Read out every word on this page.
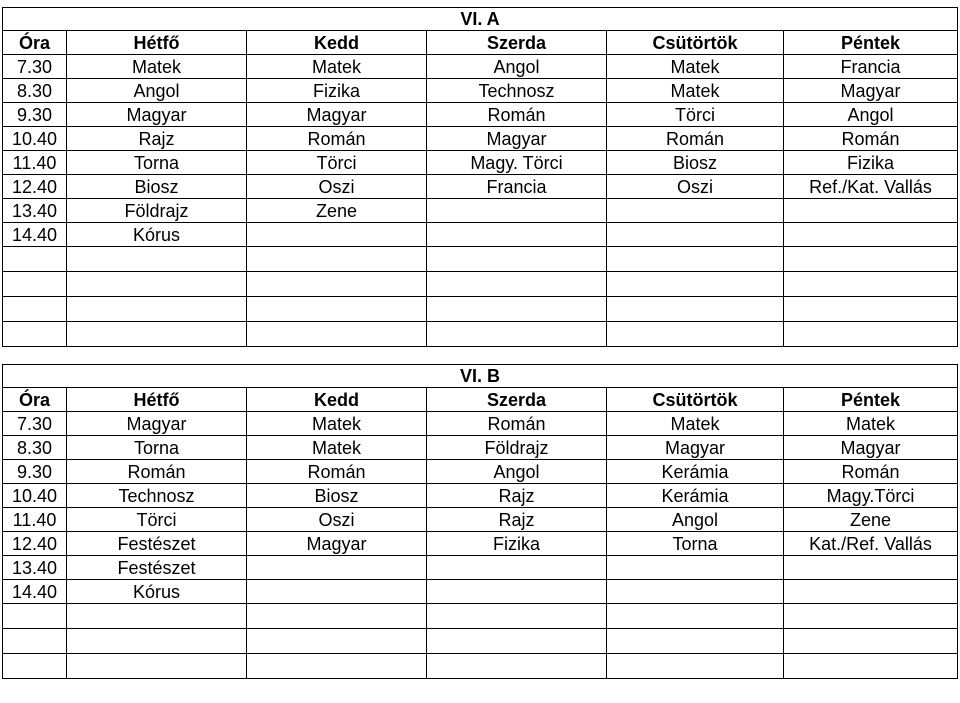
VI. A					
Óra	Hétfő	Kedd	Szerda	Csütörtök	Péntek
7.30	Matek	Matek	Angol	Matek	Francia
8.30	Angol	Fizika	Technosz	Matek	Magyar
9.30	Magyar	Magyar	Román	Törci	Angol
10.40	Rajz	Román	Magyar	Román	Román
11.40	Torna	Törci	Magy. Törci	Biosz	Fizika
12.40	Biosz	Oszi	Francia	Oszi	Ref./Kat. Vallás
13.40	Földrajz	Zene			
14.40	Kórus				

VI. B					
Óra	Hétfő	Kedd	Szerda	Csütörtök	Péntek
7.30	Magyar	Matek	Román	Matek	Matek
8.30	Torna	Matek	Földrajz	Magyar	Magyar
9.30	Román	Román	Angol	Kerámia	Román
10.40	Technosz	Biosz	Rajz	Kerámia	Magy.Törci
11.40	Törci	Oszi	Rajz	Angol	Zene
12.40	Festészet	Magyar	Fizika	Torna	Kat./Ref. Vallás
13.40	Festészet				
14.40	Kórus				
